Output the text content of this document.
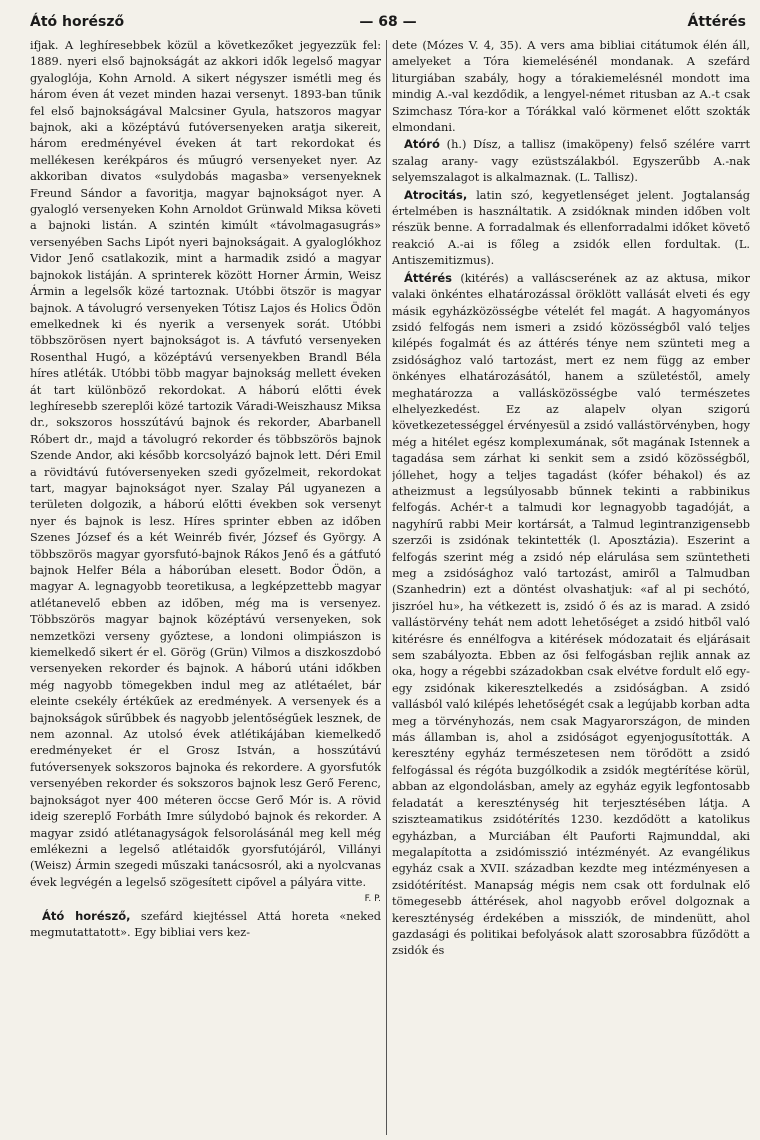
Átó horésző	— 68 —	Áttérés

ifjak. A leghíresebbek közül a következőket jegyezzük fel: 1889. nyeri első bajnokságát az akkori idők legelső magyar gyaloglója, Kohn Arnold. A sikert négyszer ismétli meg és három éven át vezet minden hazai versenyt. 1893-ban tűnik fel első bajnokságával Malcsiner Gyula, hatszoros magyar bajnok, aki a középtávú futóversenyeken aratja sikereit, három eredményével éveken át tart rekordokat és mellékesen kerékpáros és műugró versenyeket nyer. Az akkoriban divatos «sulydobás magasba» versenyeknek Freund Sándor a favoritja, magyar bajnokságot nyer. A gyalogló versenyeken Kohn Arnoldot Grünwald Miksa követi a bajnoki listán. A szintén kimúlt «távolmagasugrás» versenyében Sachs Lipót nyeri bajnokságait. A gyaloglókhoz Vidor Jenő csatlakozik, mint a harmadik zsidó a magyar bajnokok listáján. A sprinterek között Horner Ármin, Weisz Ármin a legelsők közé tartoznak. Utóbbi ötször is magyar bajnok. A távolugró versenyeken Tótisz Lajos és Holics Ödön emelkednek ki és nyerik a versenyek sorát. Utóbbi többszörösen nyert bajnokságot is. A távfutó versenyeken Rosenthal Hugó, a középtávú versenyekben Brandl Béla híres atléták. Utóbbi több magyar bajnokság mellett éveken át tart különböző rekordokat. A háború előtti évek leghíresebb szereplői közé tartozik Váradi-Weiszhausz Miksa dr., sokszoros hosszútávú bajnok és rekorder, Abarbanell Róbert dr., majd a távolugró rekorder és többszörös bajnok Szende Andor, aki később korcsolyázó bajnok lett. Déri Emil a rövidtávú futóversenyeken szedi győzelmeit, rekordokat tart, magyar bajnokságot nyer. Szalay Pál ugyanezen a területen dolgozik, a háború előtti években sok versenyt nyer és bajnok is lesz. Híres sprinter ebben az időben Szenes József és a két Weinréb fivér, József és György. A többszörös magyar gyorsfutó-bajnok Rákos Jenő és a gátfutó bajnok Helfer Béla a háborúban elesett. Bodor Ödön, a magyar A. legnagyobb teoretikusa, a legképzettebb magyar atlétanevelő ebben az időben, még ma is versenyez. Többszörös magyar bajnok középtávú versenyeken, sok nemzetközi verseny győztese, a londoni olimpiászon is kiemelkedő sikert ér el. Görög (Grün) Vilmos a diszkoszdobó versenyeken rekorder és bajnok. A háború utáni időkben még nagyobb tömegekben indul meg az atlétaélet, bár eleinte csekély értékűek az eredmények. A versenyek és a bajnokságok sűrűbbek és nagyobb jelentőségűek lesznek, de nem azonnal. Az utolsó évek atlétikájában kiemelkedő eredményeket ér el Grosz István, a hosszútávú futóversenyek sokszoros bajnoka és rekordere. A gyorsfutók versenyében rekorder és sokszoros bajnok lesz Gerő Ferenc, bajnokságot nyer 400 méteren öccse Gerő Mór is. A rövid ideig szereplő Forbáth Imre súlydobó bajnok és rekorder. A magyar zsidó atlétanagyságok felsorolásánál meg kell még emlékezni a legelső atlétaidők gyorsfutójáról, Villányi (Weisz) Ármin szegedi műszaki tanácsosról, aki a nyolcvanas évek legvégén a legelső szögesített cipővel a pályára vitte.

F. P.

Átó horésző, szefárd kiejtéssel Attá horeta «neked megmutattatott». Egy bibliai vers kez-

dete (Mózes V. 4, 35). A vers ama bibliai citátumok élén áll, amelyeket a Tóra kiemelésénél mondanak. A szefárd liturgiában szabály, hogy a tórakiemelésnél mondott ima mindig A.-val kezdődik, a lengyel-német ritusban az A.-t csak Szimchasz Tóra-kor a Tórákkal való körmenet előtt szokták elmondani.

Atóró (h.) Dísz, a tallisz (imaköpeny) felső szélére varrt szalag arany- vagy ezüstszálakból. Egyszerűbb A.-nak selyemszalagot is alkalmaznak. (L. Tallisz).

Atrocitás, latin szó, kegyetlenséget jelent. Jogtalanság értelmében is használtatik. A zsidóknak minden időben volt részük benne. A forradalmak és ellenforradalmi időket követő reakció A.-ai is főleg a zsidók ellen fordultak. (L. Antiszemitizmus).

Áttérés (kitérés) a valláscserének az az aktusa, mikor valaki önkéntes elhatározással öröklött vallását elveti és egy másik egyházközösségbe vételét fel magát. A hagyományos zsidó felfogás nem ismeri a zsidó közösségből való teljes kilépés fogalmát és az áttérés ténye nem szünteti meg a zsidósághoz való tartozást, mert ez nem függ az ember önkényes elhatározásától, hanem a születéstől, amely meghatározza a vallásközösségbe való természetes elhelyezkedést. Ez az alapelv olyan szigorú következetességgel érvényesül a zsidó vallástörvényben, hogy még a hitélet egész komplexumának, sőt magának Istennek a tagadása sem zárhat ki senkit sem a zsidó közösségből, jóllehet, hogy a teljes tagadást (kófer béhakol) és az atheizmust a legsúlyosabb bűnnek tekinti a rabbinikus felfogás. Achér-t a talmudi kor legnagyobb tagadóját, a nagyhírű rabbi Meir kortársát, a Talmud legintranzigensebb szerzői is zsidónak tekintették (l. Aposztázia). Eszerint a felfogás szerint még a zsidó nép elárulása sem szüntetheti meg a zsidósághoz való tartozást, amiről a Talmudban (Szanhedrin) ezt a döntést olvashatjuk: «af al pi sechótó, jiszróel hu», ha vétkezett is, zsidó ő és az is marad. A zsidó vallástörvény tehát nem adott lehetőséget a zsidó hitből való kitérésre és ennélfogva a kitérések módozatait és eljárásait sem szabályozta. Ebben az ősi felfogásban rejlik annak az oka, hogy a régebbi századokban csak elvétve fordult elő egy-egy zsidónak kikeresztelkedés a zsidóságban. A zsidó vallásból való kilépés lehetőségét csak a legújabb korban adta meg a törvényhozás, nem csak Magyarországon, de minden más államban is, ahol a zsidóságot egyenjogusították. A keresztény egyház természetesen nem törődött a zsidó felfogással és régóta buzgólkodik a zsidók megtérítése körül, abban az elgondolásban, amely az egyház egyik legfontosabb feladatát a kereszténység hit terjesztésében látja. A sziszteamatikus zsidótérítés 1230. kezdődött a katolikus egyházban, a Murciában élt Pauforti Rajmunddal, aki megalapította a zsidómisszió intézményét. Az evangélikus egyház csak a XVII. században kezdte meg intézményesen a zsidótérítést. Manapság mégis nem csak ott fordulnak elő tömegesebb áttérések, ahol nagyobb erővel dolgoznak a kereszténység érdekében a missziók, de mindenütt, ahol gazdasági és politikai befolyások alatt szorosabbra fűződött a zsidók és
